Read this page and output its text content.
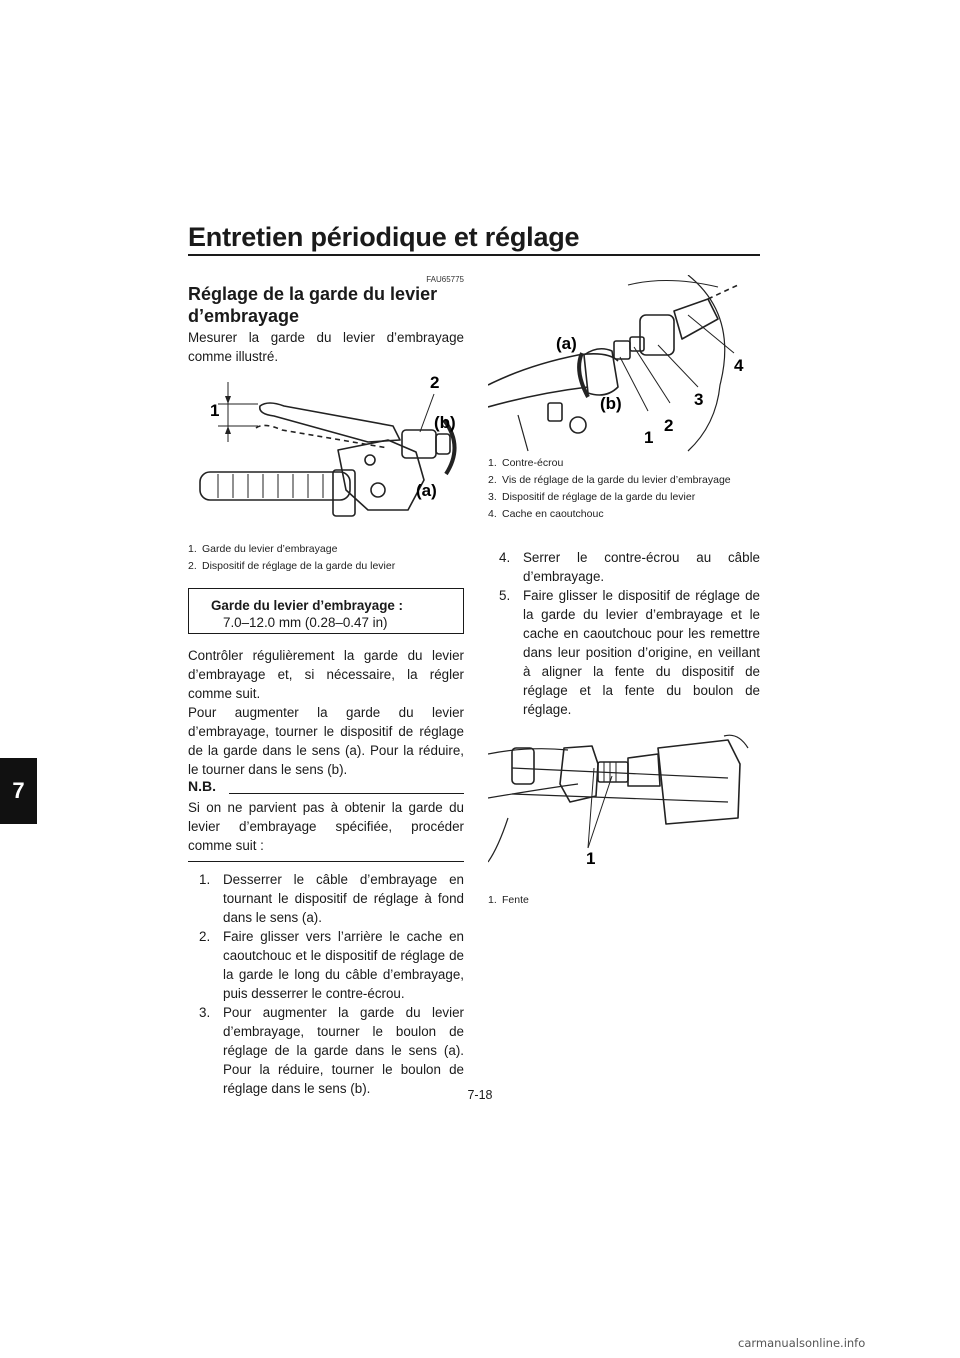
Entretien périodique et réglage
7
FAU65775
Réglage de la garde du levier d’embrayage
Mesurer la garde du levier d’embrayage comme illustré.
1
2
(b)
(a)
1. Garde du levier d’embrayage
2. Dispositif de réglage de la garde du levier
Garde du levier d’embrayage :
7.0–12.0 mm (0.28–0.47 in)
Contrôler régulièrement la garde du levier d’embrayage et, si nécessaire, la régler comme suit.
Pour augmenter la garde du levier d’embrayage, tourner le dispositif de réglage de la garde dans le sens (a). Pour la réduire, le tourner dans le sens (b).
N.B.
Si on ne parvient pas à obtenir la garde du levier d’embrayage spécifiée, procéder comme suit :
1. Desserrer le câble d’embrayage en tournant le dispositif de réglage à fond dans le sens (a).
2. Faire glisser vers l’arrière le cache en caoutchouc et le dispositif de réglage de la garde le long du câble d’embrayage, puis desserrer le contre-écrou.
3. Pour augmenter la garde du levier d’embrayage, tourner le boulon de réglage de la garde dans le sens (a). Pour la réduire, tourner le boulon de réglage dans le sens (b).
(a)
(b)
1
2
3
4
1. Contre-écrou
2. Vis de réglage de la garde du levier d’embrayage
3. Dispositif de réglage de la garde du levier
4. Cache en caoutchouc
4. Serrer le contre-écrou au câble d’embrayage.
5. Faire glisser le dispositif de réglage de la garde du levier d’embrayage et le cache en caoutchouc pour les remettre dans leur position d’origine, en veillant à aligner la fente du dispositif de réglage et la fente du boulon de réglage.
1
1. Fente
7-18
carmanualsonline.info
